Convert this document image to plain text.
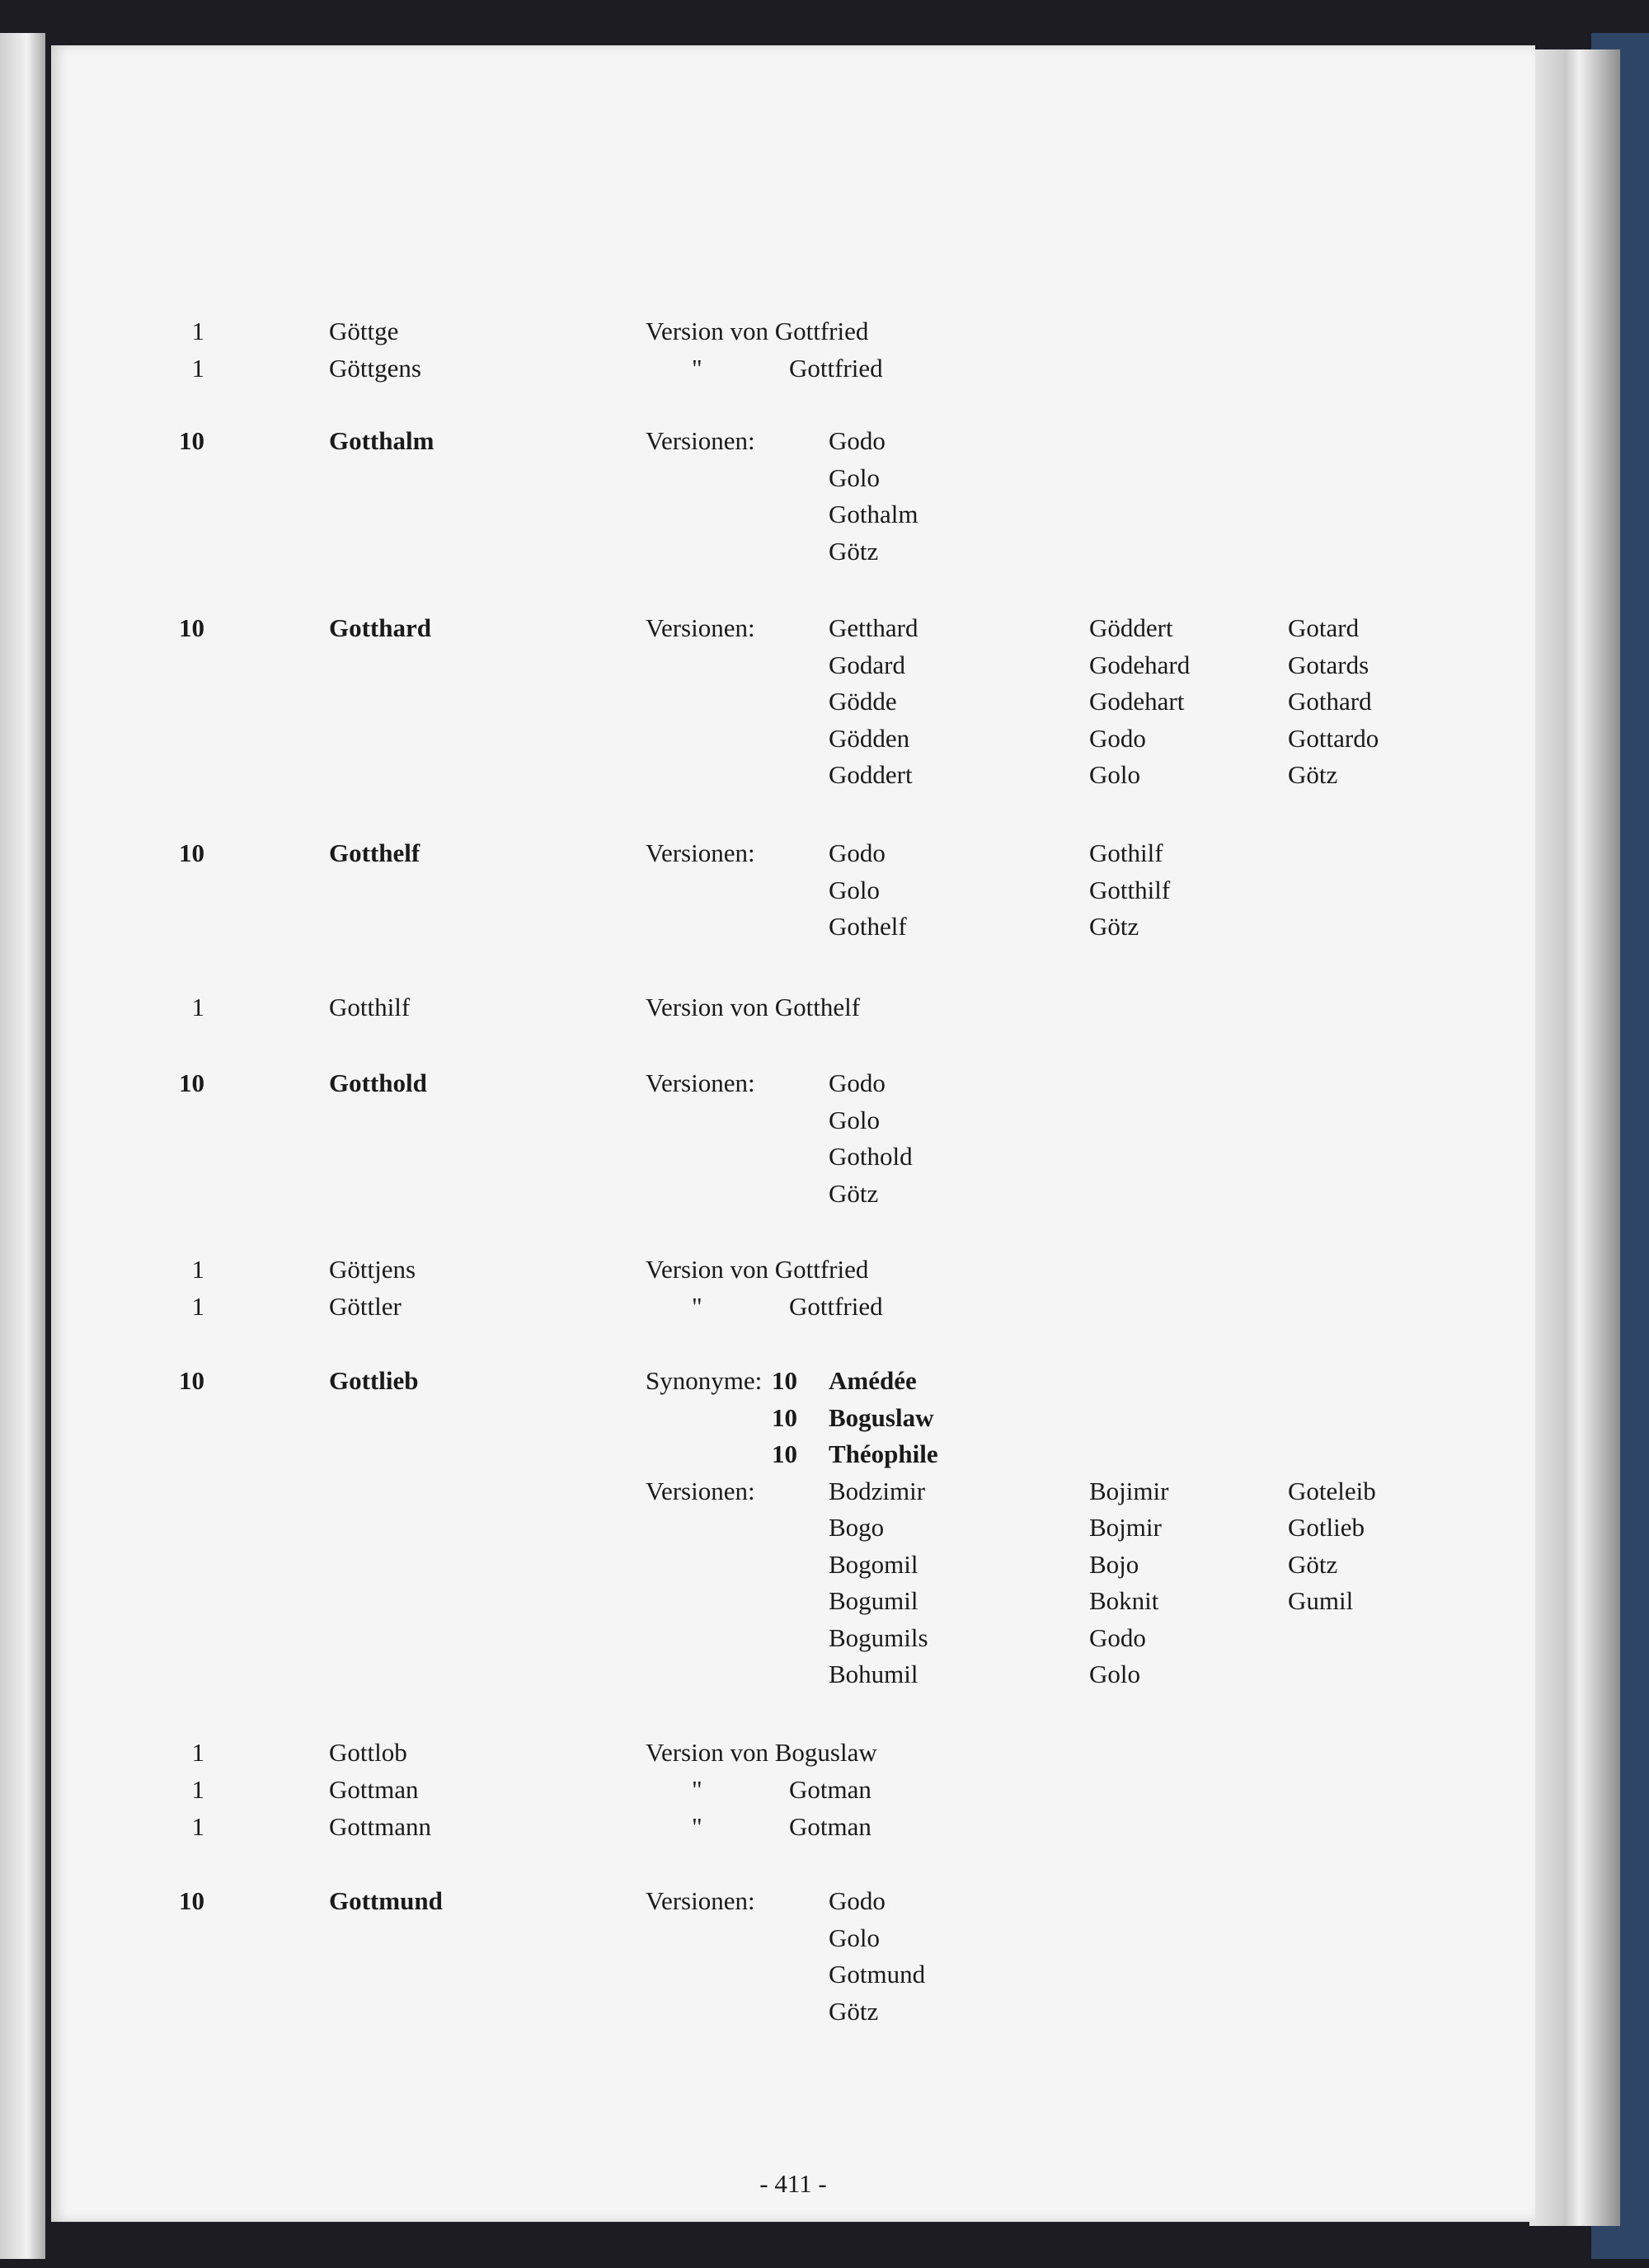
1	Göttge	Version von Gottfried
1	Göttgens	"	Gottfried
10	Gotthalm	Versionen:	Godo
Golo
Gothalm
Götz
10	Gotthard	Versionen:	Getthard	Göddert	Gotard
Godard	Godehard	Gotards
Gödde	Godehart	Gothard
Gödden	Godo	Gottardo
Goddert	Golo	Götz
10	Gotthelf	Versionen:	Godo	Gothilf
Golo	Gotthilf
Gothelf	Götz
1	Gotthilf	Version von Gotthelf
10	Gotthold	Versionen:	Godo
Golo
Gothold
Götz
1	Göttjens	Version von Gottfried
1	Göttler	"	Gottfried
10	Gottlieb	Synonyme: 10 Amédée
10 Boguslaw
10 Théophile
Versionen:	Bodzimir	Bojimir	Goteleib
Bogo	Bojmir	Gotlieb
Bogomil	Bojo	Götz
Bogumil	Boknit	Gumil
Bogumils	Godo
Bohumil	Golo
1	Gottlob	Version von Boguslaw
1	Gottman	"	Gotman
1	Gottmann	"	Gotman
10	Gottmund	Versionen:	Godo
Golo
Gotmund
Götz
- 411 -
